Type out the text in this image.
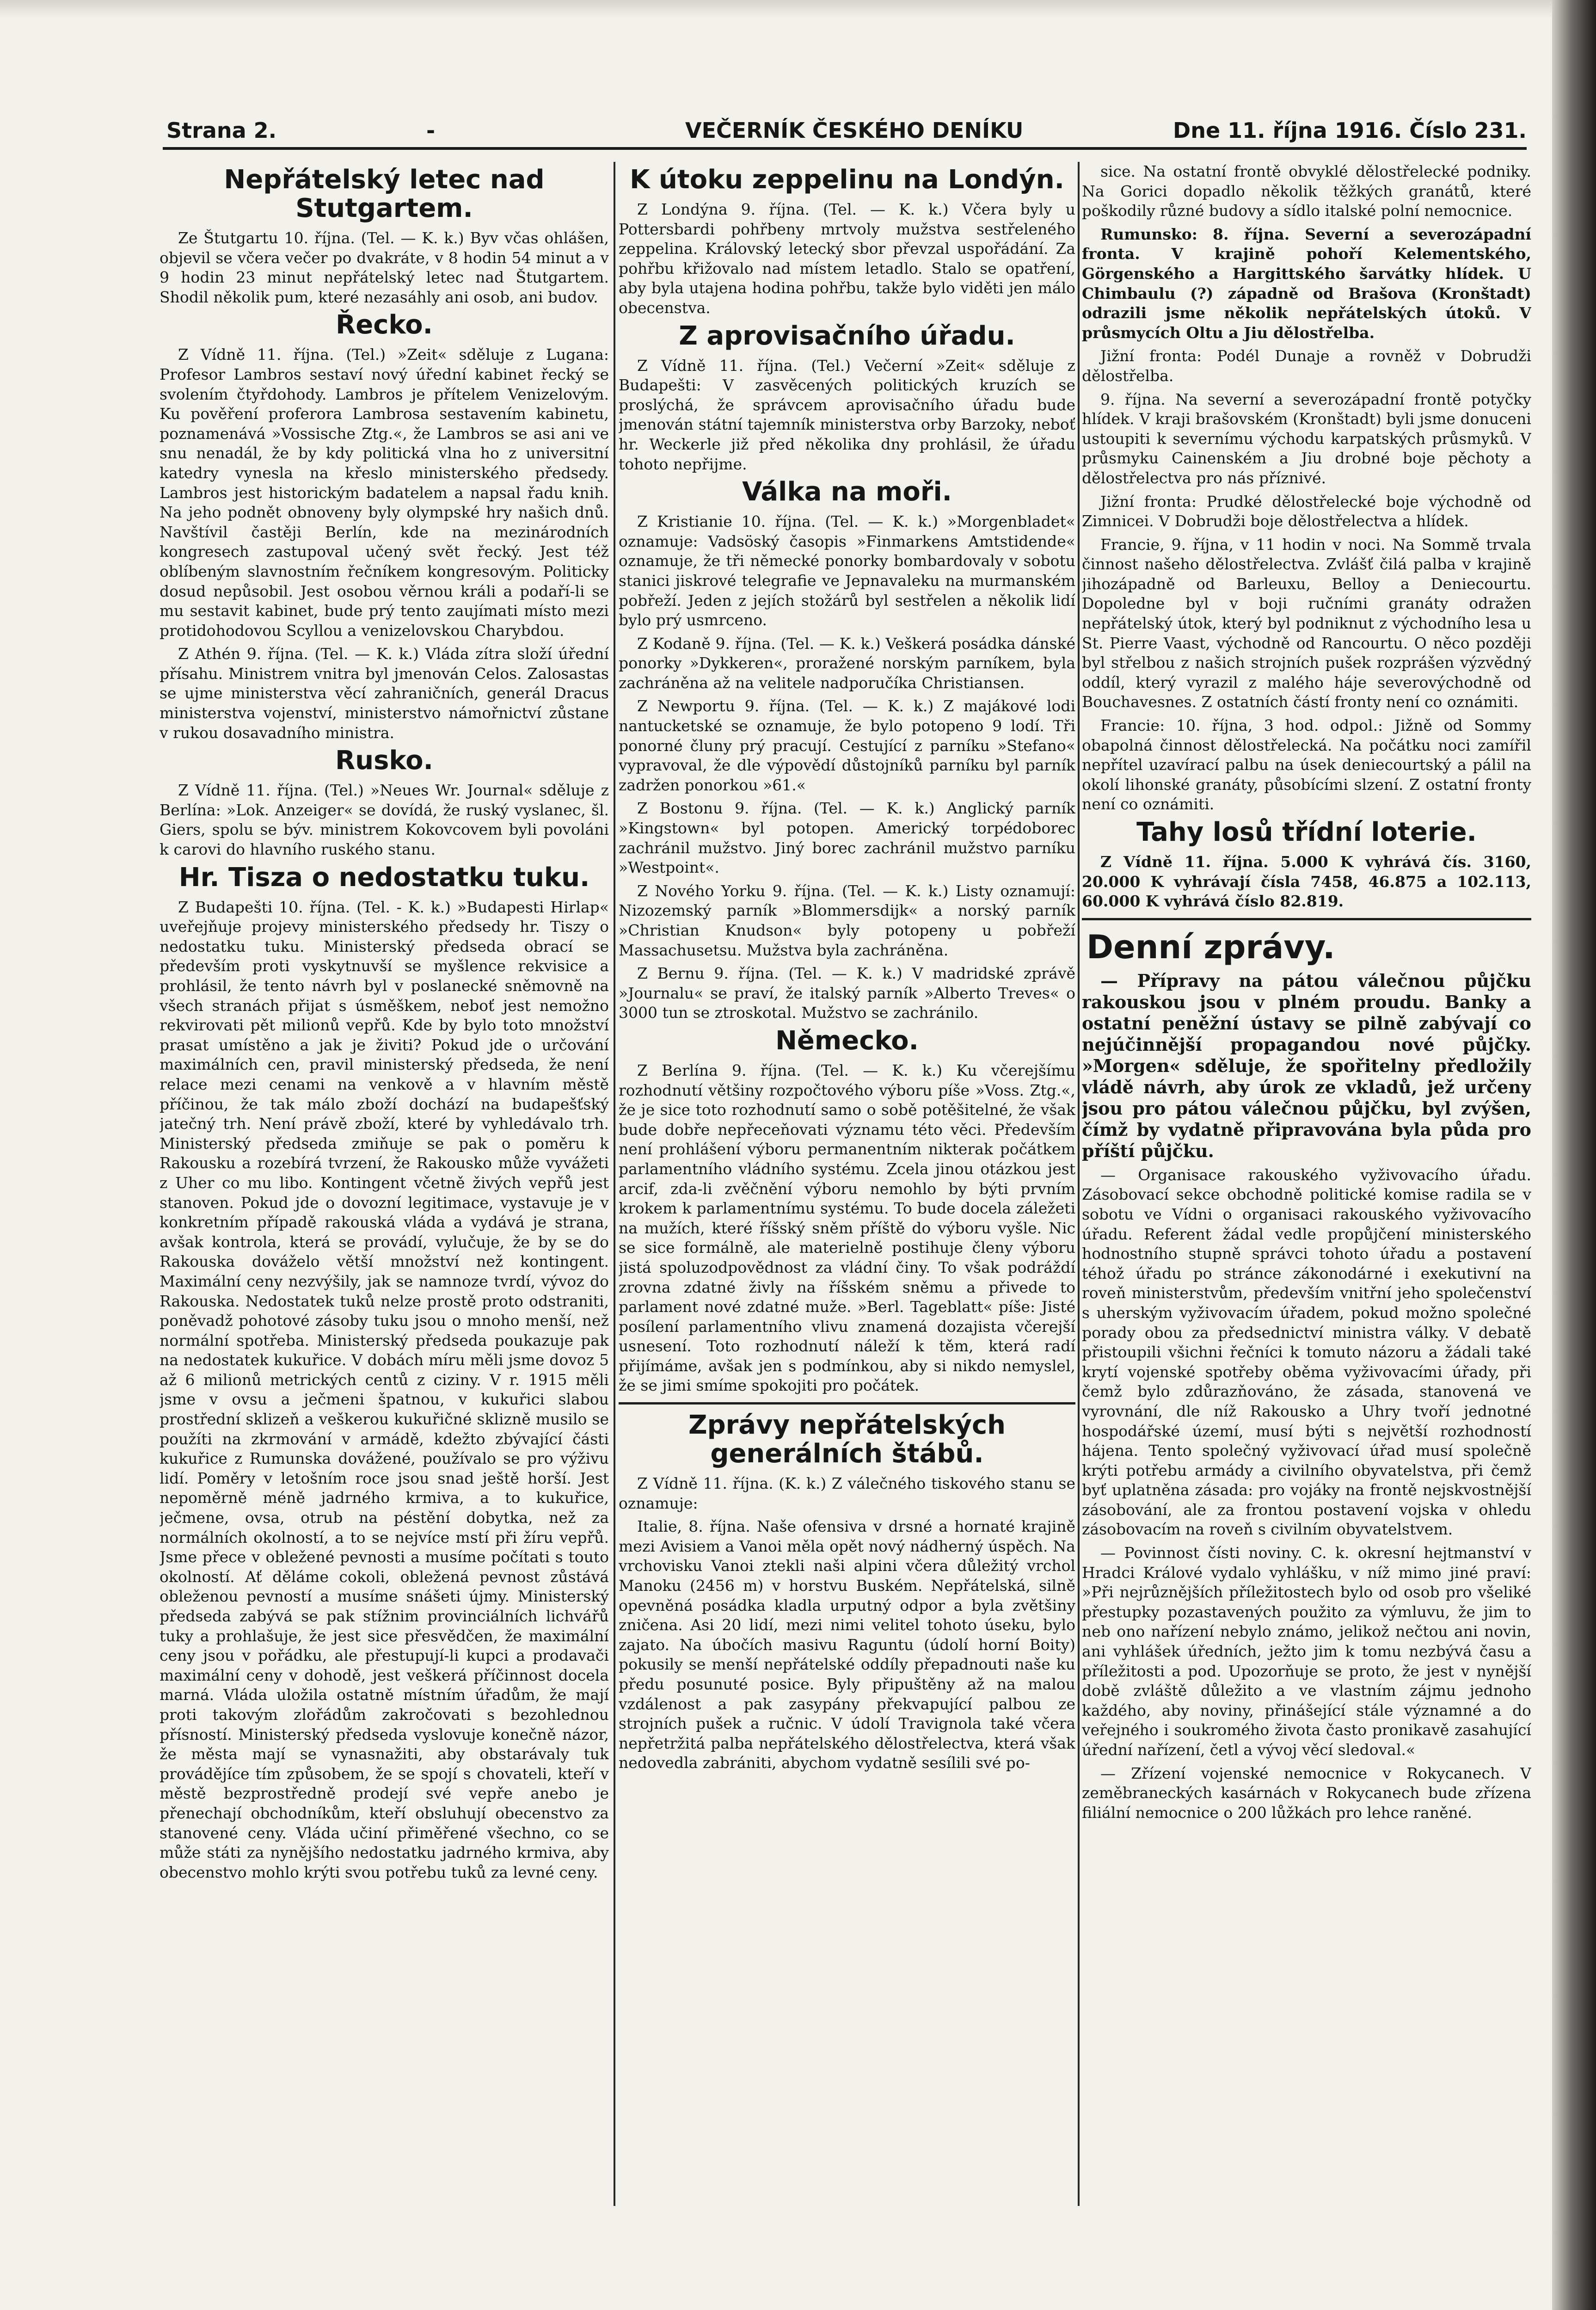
Strana 2.	-	VEČERNÍK ČESKÉHO DENÍKU	Dne 11. října 1916. Číslo 231.
Nepřátelský letec nad Stutgartem.

Ze Štutgartu 10. října. (Tel. — K. k.) Byv včas ohlášen, objevil se včera večer po dvakráte, v 8 hodin 54 minut a v 9 hodin 23 minut nepřátelský letec nad Štutgartem. Shodil několik pum, které nezasáhly ani osob, ani budov.

Řecko.

Z Vídně 11. října. (Tel.) »Zeit« sděluje z Lugana: Profesor Lambros sestaví nový úřední kabinet řecký se svolením čtyřdohody. Lambros je přítelem Venizelovým. Ku pověření proferora Lambrosa sestavením kabinetu, poznamenává »Vossische Ztg.«, že Lambros se asi ani ve snu nenadál, že by kdy politická vlna ho z universitní katedry vynesla na křeslo ministerského předsedy. Lambros jest historickým badatelem a napsal řadu knih. Na jeho podnět obnoveny byly olympské hry našich dnů. Navštívil častěji Berlín, kde na mezinárodních kongresech zastupoval učený svět řecký. Jest též oblíbeným slavnostním řečníkem kongresovým. Politicky dosud nepůsobil. Jest osobou věrnou králi a podaří-li se mu sestavit kabinet, bude prý tento zaujímati místo mezi protidohodovou Scyllou a venizelovskou Charybdou.

Z Athén 9. října. (Tel. — K. k.) Vláda zítra složí úřední přísahu. Ministrem vnitra byl jmenován Celos. Zalosastas se ujme ministerstva věcí zahraničních, generál Dracus ministerstva vojenství, ministerstvo námořnictví zůstane v rukou dosavadního ministra.

Rusko.

Z Vídně 11. října. (Tel.) »Neues Wr. Journal« sděluje z Berlína: »Lok. Anzeiger« se dovídá, že ruský vyslanec, šl. Giers, spolu se býv. ministrem Kokovcovem byli povoláni k carovi do hlavního ruského stanu.

Hr. Tisza o nedostatku tuku.

Z Budapešti 10. října. (Tel. - K. k.) »Budapesti Hirlap« uveřejňuje projevy ministerského předsedy hr. Tiszy o nedostatku tuku. Ministerský předseda obrací se především proti vyskytnuvší se myšlence rekvisice a prohlásil, že tento návrh byl v poslanecké sněmovně na všech stranách přijat s úsměškem, neboť jest nemožno rekvirovati pět milionů vepřů. Kde by bylo toto množství prasat umístěno a jak je živiti? Pokud jde o určování maximálních cen, pravil ministerský předseda, že není relace mezi cenami na venkově a v hlavním městě příčinou, že tak málo zboží dochází na budapešťský jatečný trh. Není právě zboží, které by vyhledávalo trh. Ministerský předseda zmiňuje se pak o poměru k Rakousku a rozebírá tvrzení, že Rakousko může vyvážeti z Uher co mu libo. Kontingent včetně živých vepřů jest stanoven. Pokud jde o dovozní legitimace, vystavuje je v konkretním případě rakouská vláda a vydává je strana, avšak kontrola, která se provádí, vylučuje, že by se do Rakouska dováželo větší množství než kontingent. Maximální ceny nezvýšily, jak se namnoze tvrdí, vývoz do Rakouska. Nedostatek tuků nelze prostě proto odstraniti, poněvadž pohotové zásoby tuku jsou o mnoho menší, než normální spotřeba. Ministerský předseda poukazuje pak na nedostatek kukuřice. V dobách míru měli jsme dovoz 5 až 6 milionů metrických centů z ciziny. V r. 1915 měli jsme v ovsu a ječmeni špatnou, v kukuřici slabou prostřední sklizeň a veškerou kukuřičné sklizně musilo se použíti na zkrmování v armádě, kdežto zbývající části kukuřice z Rumunska dovážené, používalo se pro výživu lidí. Poměry v letošním roce jsou snad ještě horší. Jest nepoměrně méně jadrného krmiva, a to kukuřice, ječmene, ovsa, otrub na péstění dobytka, než za normálních okolností, a to se nejvíce mstí při žíru vepřů. Jsme přece v obležené pevnosti a musíme počítati s touto okolností. Ať děláme cokoli, obležená pevnost zůstává obleženou pevností a musíme snášeti újmy. Ministerský předseda zabývá se pak stížnim provinciálních lichvářů tuky a prohlašuje, že jest sice přesvědčen, že maximální ceny jsou v pořádku, ale přestupují-li kupci a prodavači maximální ceny v dohodě, jest veškerá příčinnost docela marná. Vláda uložila ostatně místním úřadům, že mají proti takovým zlořádům zakročovati s bezohlednou přísností. Ministerský předseda vyslovuje konečně názor, že města mají se vynasnažiti, aby obstarávaly tuk provádějíce tím způsobem, že se spojí s chovateli, kteří v městě bezprostředně prodejí své vepře anebo je přenechají obchodníkům, kteří obsluhují obecenstvo za stanovené ceny. Vláda učiní přiměřené všechno, co se může státi za nynějšího nedostatku jadrného krmiva, aby obecenstvo mohlo krýti svou potřebu tuků za levné ceny.

K útoku zeppelinu na Londýn.

Z Londýna 9. října. (Tel. — K. k.) Včera byly u Pottersbardi pohřbeny mrtvoly mužstva sestřeleného zeppelina. Královský letecký sbor převzal uspořádání. Za pohřbu křižovalo nad místem letadlo. Stalo se opatření, aby byla utajena hodina pohřbu, takže bylo viděti jen málo obecenstva.

Z aprovisačního úřadu.

Z Vídně 11. října. (Tel.) Večerní »Zeit« sděluje z Budapešti: V zasvěcených politických kruzích se proslýchá, že správcem aprovisačního úřadu bude jmenován státní tajemník ministerstva orby Barzoky, neboť hr. Weckerle již před několika dny prohlásil, že úřadu tohoto nepřijme.

Válka na moři.

Z Kristianie 10. října. (Tel. — K. k.) »Morgenbladet« oznamuje: Vadsöský časopis »Finmarkens Amtstidende« oznamuje, že tři německé ponorky bombardovaly v sobotu stanici jiskrové telegrafie ve Jepnavaleku na murmanském pobřeží. Jeden z jejích stožárů byl sestřelen a několik lidí bylo prý usmrceno.

Z Kodaně 9. října. (Tel. — K. k.) Veškerá posádka dánské ponorky »Dykkeren«, proražené norským parníkem, byla zachráněna až na velitele nadporučíka Christiansen.

Z Newportu 9. října. (Tel. — K. k.) Z majákové lodi nantucketské se oznamuje, že bylo potopeno 9 lodí. Tři ponorné čluny prý pracují. Cestující z parníku »Stefano« vypravoval, že dle výpovědí důstojníků parníku byl parník zadržen ponorkou »61.«

Z Bostonu 9. října. (Tel. — K. k.) Anglický parník »Kingstown« byl potopen. Americký torpédoborec zachránil mužstvo. Jiný borec zachránil mužstvo parníku »Westpoint«.

Z Nového Yorku 9. října. (Tel. — K. k.) Listy oznamují: Nizozemský parník »Blommersdijk« a norský parník »Christian Knudson« byly potopeny u pobřeží Massachusetsu. Mužstva byla zachráněna.

Z Bernu 9. října. (Tel. — K. k.) V madridské zprávě »Journalu« se praví, že italský parník »Alberto Treves« o 3000 tun se ztroskotal. Mužstvo se zachránilo.

Německo.

Z Berlína 9. října. (Tel. — K. k.) Ku včerejšímu rozhodnutí většiny rozpočtového výboru píše »Voss. Ztg.«, že je sice toto rozhodnutí samo o sobě potěšitelné, že však bude dobře nepřeceňovati významu této věci. Především není prohlášení výboru permanentním nikterak počátkem parlamentního vládního systému. Zcela jinou otázkou jest arcif, zda-li zvěčnění výboru nemohlo by býti prvním krokem k parlamentnímu systému. To bude docela záležeti na mužích, které říšský sněm příště do výboru vyšle. Nic se sice formálně, ale materielně postihuje členy výboru jistá spoluzodpovědnost za vládní činy. To však podráždí zrovna zdatné živly na říšském sněmu a přivede to parlament nové zdatné muže. »Berl. Tageblatt« píše: Jisté posílení parlamentního vlivu znamená dozajista včerejší usnesení. Toto rozhodnutí náleží k těm, která radí přijímáme, avšak jen s podmínkou, aby si nikdo nemyslel, že se jimi smíme spokojiti pro počátek.

Zprávy nepřátelských generálních štábů.

Z Vídně 11. října. (K. k.) Z válečného tiskového stanu se oznamuje:

Italie, 8. října. Naše ofensiva v drsné a hornaté krajině mezi Avisiem a Vanoi měla opět nový nádherný úspěch. Na vrchovisku Vanoi ztekli naši alpini včera důležitý vrchol Manoku (2456 m) v horstvu Buském. Nepřátelská, silně opevněná posádka kladla urputný odpor a byla zvětšiny zničena. Asi 20 lidí, mezi nimi velitel tohoto úseku, bylo zajato. Na úbočích masivu Raguntu (údolí horní Boity) pokusily se menší nepřátelské oddíly přepadnouti naše ku předu posunuté posice. Byly připuštěny až na malou vzdálenost a pak zasypány překvapující palbou ze strojních pušek a ručnic. V údolí Travignola také včera nepřetržitá palba nepřátelského dělostřelectva, která však nedovedla zabrániti, abychom vydatně sesílili své po-

sice. Na ostatní frontě obvyklé dělostřelecké podniky. Na Gorici dopadlo několik těžkých granátů, které poškodily různé budovy a sídlo italské polní nemocnice.

Rumunsko: 8. října. Severní a severozápadní fronta. V krajině pohoří Kelementského, Görgenského a Hargittského šarvátky hlídek. U Chimbaulu (?) západně od Brašova (Kronštadt) odrazili jsme několik nepřátelských útoků. V průsmycích Oltu a Jiu dělostřelba.

Jižní fronta: Podél Dunaje a rovněž v Dobrudži dělostřelba.

9. října. Na severní a severozápadní frontě potyčky hlídek. V kraji brašovském (Kronštadt) byli jsme donuceni ustoupiti k severnímu východu karpatských průsmyků. V průsmyku Cainenském a Jiu drobné boje pěchoty a dělostřelectva pro nás příznivé.

Jižní fronta: Prudké dělostřelecké boje východně od Zimnicei. V Dobrudži boje dělostřelectva a hlídek.

Francie, 9. října, v 11 hodin v noci. Na Sommě trvala činnost našeho dělostřelectva. Zvlášť čilá palba v krajině jihozápadně od Barleuxu, Belloy a Deniecourtu. Dopoledne byl v boji ručními granáty odražen nepřátelský útok, který byl podniknut z východního lesa u St. Pierre Vaast, východně od Rancourtu. O něco později byl střelbou z našich strojních pušek rozprášen výzvědný oddíl, který vyrazil z malého háje severovýchodně od Bouchavesnes. Z ostatních částí fronty není co oznámiti.

Francie: 10. října, 3 hod. odpol.: Jižně od Sommy obapolná činnost dělostřelecká. Na počátku noci zamířil nepřítel uzavírací palbu na úsek deniecourtský a pálil na okolí lihonské granáty, působícími slzení. Z ostatní fronty není co oznámiti.

Tahy losů třídní loterie.

Z Vídně 11. října. 5.000 K vyhrává čís. 3160, 20.000 K vyhrávají čísla 7458, 46.875 a 102.113, 60.000 K vyhrává číslo 82.819.

Denní zprávy.

— Přípravy na pátou válečnou půjčku rakouskou jsou v plném proudu. Banky a ostatní peněžní ústavy se pilně zabývají co nejúčinnější propagandou nové půjčky. »Morgen« sděluje, že spořitelny předložily vládě návrh, aby úrok ze vkladů, jež určeny jsou pro pátou válečnou půjčku, byl zvýšen, čímž by vydatně připravována byla půda pro příští půjčku.

— Organisace rakouského vyživovacího úřadu. Zásobovací sekce obchodně politické komise radila se v sobotu ve Vídni o organisaci rakouského vyživovacího úřadu. Referent žádal vedle propůjčení ministerského hodnostního stupně správci tohoto úřadu a postavení téhož úřadu po stránce zákonodárné i exekutivní na roveň ministerstvům, především vnitřní jeho společenství s uherským vyživovacím úřadem, pokud možno společné porady obou za předsednictví ministra války. V debatě přistoupili všichni řečníci k tomuto názoru a žádali také krytí vojenské spotřeby oběma vyživovacími úřady, při čemž bylo zdůrazňováno, že zásada, stanovená ve vyrovnání, dle níž Rakousko a Uhry tvoří jednotné hospodářské území, musí býti s největší rozhodností hájena. Tento společný vyživovací úřad musí společně krýti potřebu armády a civilního obyvatelstva, při čemž byť uplatněna zásada: pro vojáky na frontě nejskvostnější zásobování, ale za frontou postavení vojska v ohledu zásobovacím na roveň s civilním obyvatelstvem.

— Povinnost čísti noviny. C. k. okresní hejtmanství v Hradci Králové vydalo vyhlášku, v níž mimo jiné praví: »Při nejrůznějších příležitostech bylo od osob pro všeliké přestupky pozastavených použito za výmluvu, že jim to neb ono nařízení nebylo známo, jelikož nečtou ani novin, ani vyhlášek úředních, ježto jim k tomu nezbývá času a příležitosti a pod. Upozorňuje se proto, že jest v nynější době zvláště důležito a ve vlastním zájmu jednoho každého, aby noviny, přinášející stále významné a do veřejného i soukromého života často pronikavě zasahující úřední nařízení, četl a vývoj věcí sledoval.«

— Zřízení vojenské nemocnice v Rokycanech. V zeměbraneckých kasárnách v Rokycanech bude zřízena filiální nemocnice o 200 lůžkách pro lehce raněné.
